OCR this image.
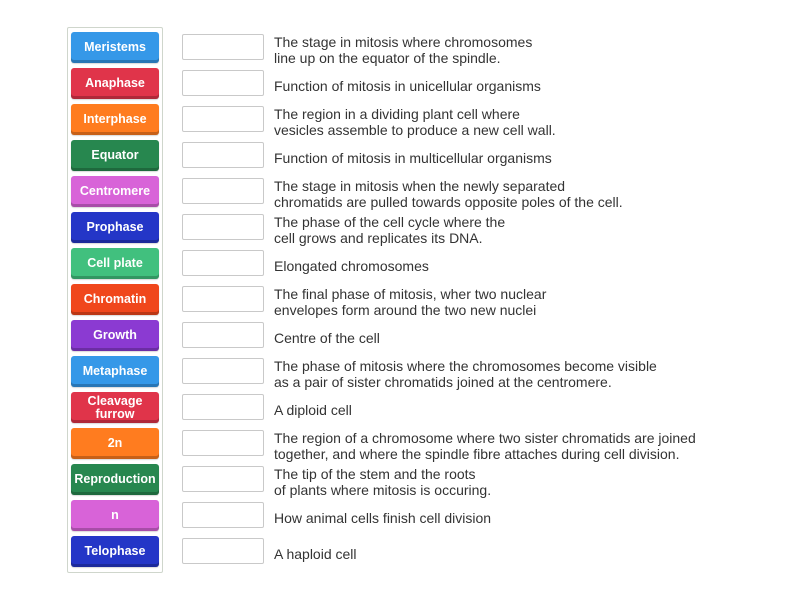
Meristems
Anaphase
Interphase
Equator
Centromere
Prophase
Cell plate
Chromatin
Growth
Metaphase
Cleavage furrow
2n
Reproduction
n
Telophase
The stage in mitosis where chromosomes
line up on the equator of the spindle.
Function of mitosis in unicellular organisms
The region in a dividing plant cell where
vesicles assemble to produce a new cell wall.
Function of mitosis in multicellular organisms
The stage in mitosis when the newly separated
chromatids are pulled towards opposite poles of the cell.
The phase of the cell cycle where the
cell grows and replicates its DNA.
Elongated chromosomes
The final phase of mitosis, wher two nuclear
envelopes form around the two new nuclei
Centre of the cell
The phase of mitosis where the chromosomes become visible
as a pair of sister chromatids joined at the centromere.
A diploid cell
The region of a chromosome where two sister chromatids are joined
together, and where the spindle fibre attaches during cell division.
The tip of the stem and the roots
of plants where mitosis is occuring.
How animal cells finish cell division
A haploid cell
